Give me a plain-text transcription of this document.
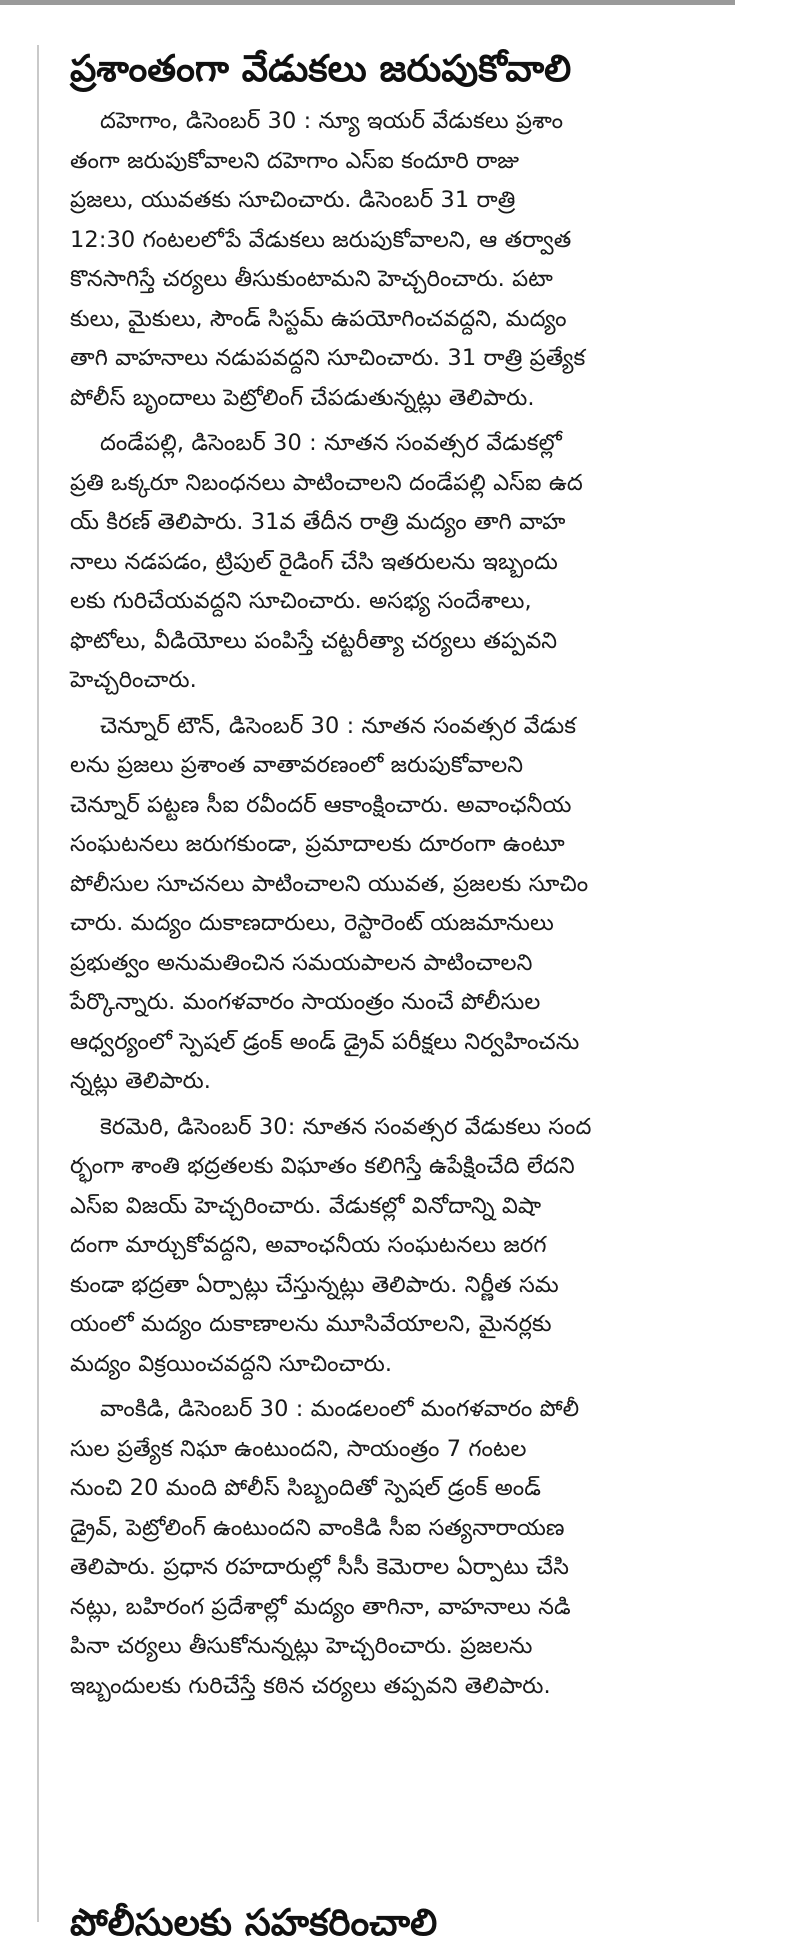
ప్రశాంతంగా వేడుకలు జరుపుకోవాలి
దహెగాం, డిసెంబర్ 30 : న్యూ ఇయర్ వేడుకలు ప్రశాం
తంగా జరుపుకోవాలని దహెగాం ఎస్ఐ కందూరి రాజు
ప్రజలు, యువతకు సూచించారు. డిసెంబర్ 31 రాత్రి
12:30 గంటలలోపే వేడుకలు జరుపుకోవాలని, ఆ తర్వాత
కొనసాగిస్తే చర్యలు తీసుకుంటామని హెచ్చరించారు. పటా
కులు, మైకులు, సౌండ్ సిస్టమ్ ఉపయోగించవద్దని, మద్యం
తాగి వాహనాలు నడుపవద్దని సూచించారు. 31 రాత్రి ప్రత్యేక
పోలీస్ బృందాలు పెట్రోలింగ్ చేపడుతున్నట్లు తెలిపారు.
దండేపల్లి, డిసెంబర్ 30 : నూతన సంవత్సర వేడుకల్లో
ప్రతి ఒక్కరూ నిబంధనలు పాటించాలని దండేపల్లి ఎస్ఐ ఉద
య్ కిరణ్ తెలిపారు. 31వ తేదీన రాత్రి మద్యం తాగి వాహ
నాలు నడపడం, ట్రిపుల్ రైడింగ్ చేసి ఇతరులను ఇబ్బందు
లకు గురిచేయవద్దని సూచించారు. అసభ్య సందేశాలు,
ఫొటోలు, వీడియోలు పంపిస్తే చట్టరీత్యా చర్యలు తప్పవని
హెచ్చరించారు.
చెన్నూర్ టౌన్, డిసెంబర్ 30 : నూతన సంవత్సర వేడుక
లను ప్రజలు ప్రశాంత వాతావరణంలో జరుపుకోవాలని
చెన్నూర్ పట్టణ సీఐ రవీందర్ ఆకాంక్షించారు. అవాంఛనీయ
సంఘటనలు జరుగకుండా, ప్రమాదాలకు దూరంగా ఉంటూ
పోలీసుల సూచనలు పాటించాలని యువత, ప్రజలకు సూచిం
చారు. మద్యం దుకాణదారులు, రెస్టారెంట్ యజమానులు
ప్రభుత్వం అనుమతించిన సమయపాలన పాటించాలని
పేర్కొన్నారు. మంగళవారం సాయంత్రం నుంచే పోలీసుల
ఆధ్వర్యంలో స్పెషల్ డ్రంక్ అండ్ డ్రైవ్ పరీక్షలు నిర్వహించను
న్నట్లు తెలిపారు.
కెరమెరి, డిసెంబర్ 30: నూతన సంవత్సర వేడుకలు సంద
ర్భంగా శాంతి భద్రతలకు విఘాతం కలిగిస్తే ఉపేక్షించేది లేదని
ఎస్ఐ విజయ్ హెచ్చరించారు. వేడుకల్లో వినోదాన్ని విషా
దంగా మార్చుకోవద్దని, అవాంఛనీయ సంఘటనలు జరగ
కుండా భద్రతా ఏర్పాట్లు చేస్తున్నట్లు తెలిపారు. నిర్ణీత సమ
యంలో మద్యం దుకాణాలను మూసివేయాలని, మైనర్లకు
మద్యం విక్రయించవద్దని సూచించారు.
వాంకిడి, డిసెంబర్ 30 : మండలంలో మంగళవారం పోలీ
సుల ప్రత్యేక నిఘా ఉంటుందని, సాయంత్రం 7 గంటల
నుంచి 20 మంది పోలీస్ సిబ్బందితో స్పెషల్ డ్రంక్ అండ్
డ్రైవ్, పెట్రోలింగ్ ఉంటుందని వాంకిడి సీఐ సత్యనారాయణ
తెలిపారు. ప్రధాన రహదారుల్లో సీసీ కెమెరాల ఏర్పాటు చేసి
నట్లు, బహిరంగ ప్రదేశాల్లో మద్యం తాగినా, వాహనాలు నడి
పినా చర్యలు తీసుకోనున్నట్లు హెచ్చరించారు. ప్రజలను
ఇబ్బందులకు గురిచేస్తే కఠిన చర్యలు తప్పవని తెలిపారు.
పోలీసులకు సహకరించాలి
